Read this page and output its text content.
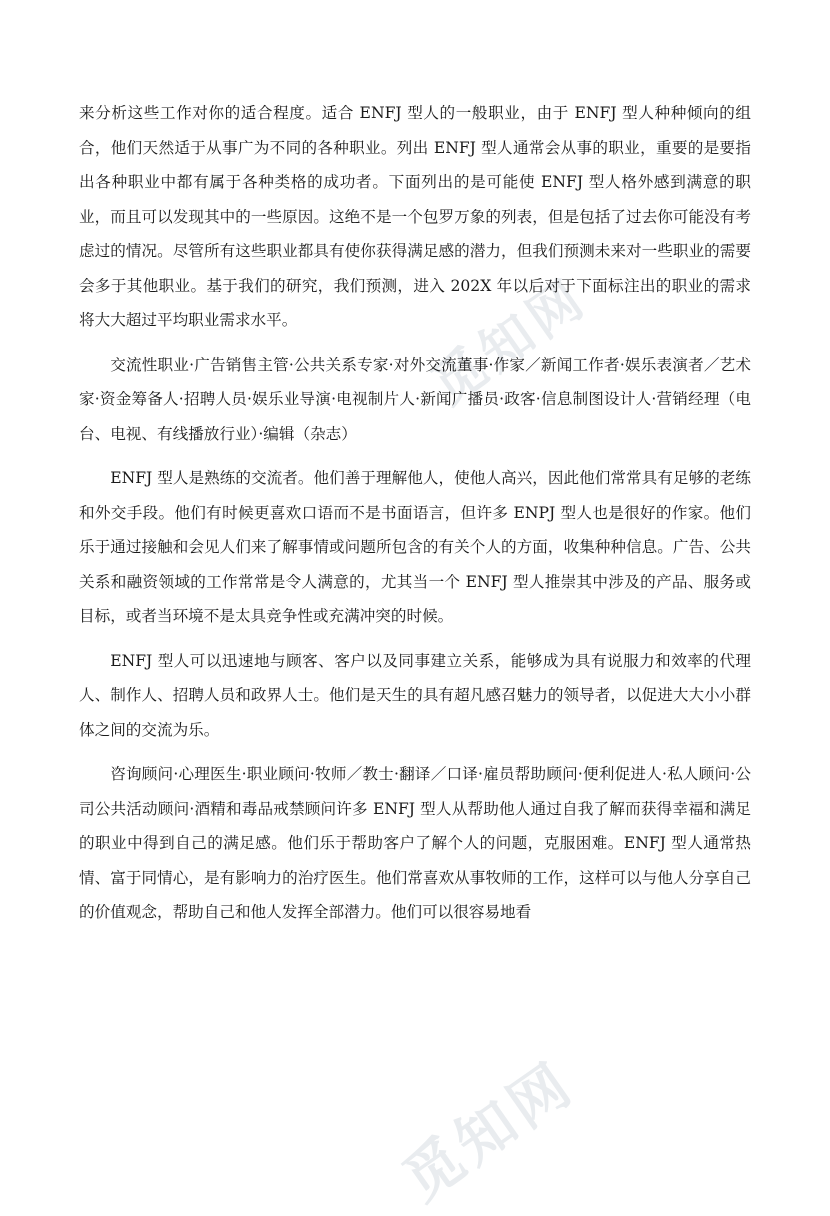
觅知网
觅知网

来分析这些工作对你的适合程度。适合 ENFJ 型人的一般职业，由于 ENFJ 型人种种倾向的组合，他们天然适于从事广为不同的各种职业。列出 ENFJ 型人通常会从事的职业，重要的是要指出各种职业中都有属于各种类格的成功者。下面列出的是可能使 ENFJ 型人格外感到满意的职业，而且可以发现其中的一些原因。这绝不是一个包罗万象的列表，但是包括了过去你可能没有考虑过的情况。尽管所有这些职业都具有使你获得满足感的潜力，但我们预测未来对一些职业的需要会多于其他职业。基于我们的研究，我们预测，进入 202X 年以后对于下面标注出的职业的需求将大大超过平均职业需求水平。

交流性职业·广告销售主管·公共关系专家·对外交流董事·作家／新闻工作者·娱乐表演者／艺术家·资金筹备人·招聘人员·娱乐业导演·电视制片人·新闻广播员·政客·信息制图设计人·营销经理（电台、电视、有线播放行业）·编辑（杂志）

ENFJ 型人是熟练的交流者。他们善于理解他人，使他人高兴，因此他们常常具有足够的老练和外交手段。他们有时候更喜欢口语而不是书面语言，但许多 ENPJ 型人也是很好的作家。他们乐于通过接触和会见人们来了解事情或问题所包含的有关个人的方面，收集种种信息。广告、公共关系和融资领域的工作常常是令人满意的，尤其当一个 ENFJ 型人推崇其中涉及的产品、服务或目标，或者当环境不是太具竞争性或充满冲突的时候。

ENFJ 型人可以迅速地与顾客、客户以及同事建立关系，能够成为具有说服力和效率的代理人、制作人、招聘人员和政界人士。他们是天生的具有超凡感召魅力的领导者，以促进大大小小群体之间的交流为乐。

咨询顾问·心理医生·职业顾问·牧师／教士·翻译／口译·雇员帮助顾问·便利促进人·私人顾问·公司公共活动顾问·酒精和毒品戒禁顾问许多 ENFJ 型人从帮助他人通过自我了解而获得幸福和满足的职业中得到自己的满足感。他们乐于帮助客户了解个人的问题，克服困难。ENFJ 型人通常热情、富于同情心，是有影响力的治疗医生。他们常喜欢从事牧师的工作，这样可以与他人分享自己的价值观念，帮助自己和他人发挥全部潜力。他们可以很容易地看
